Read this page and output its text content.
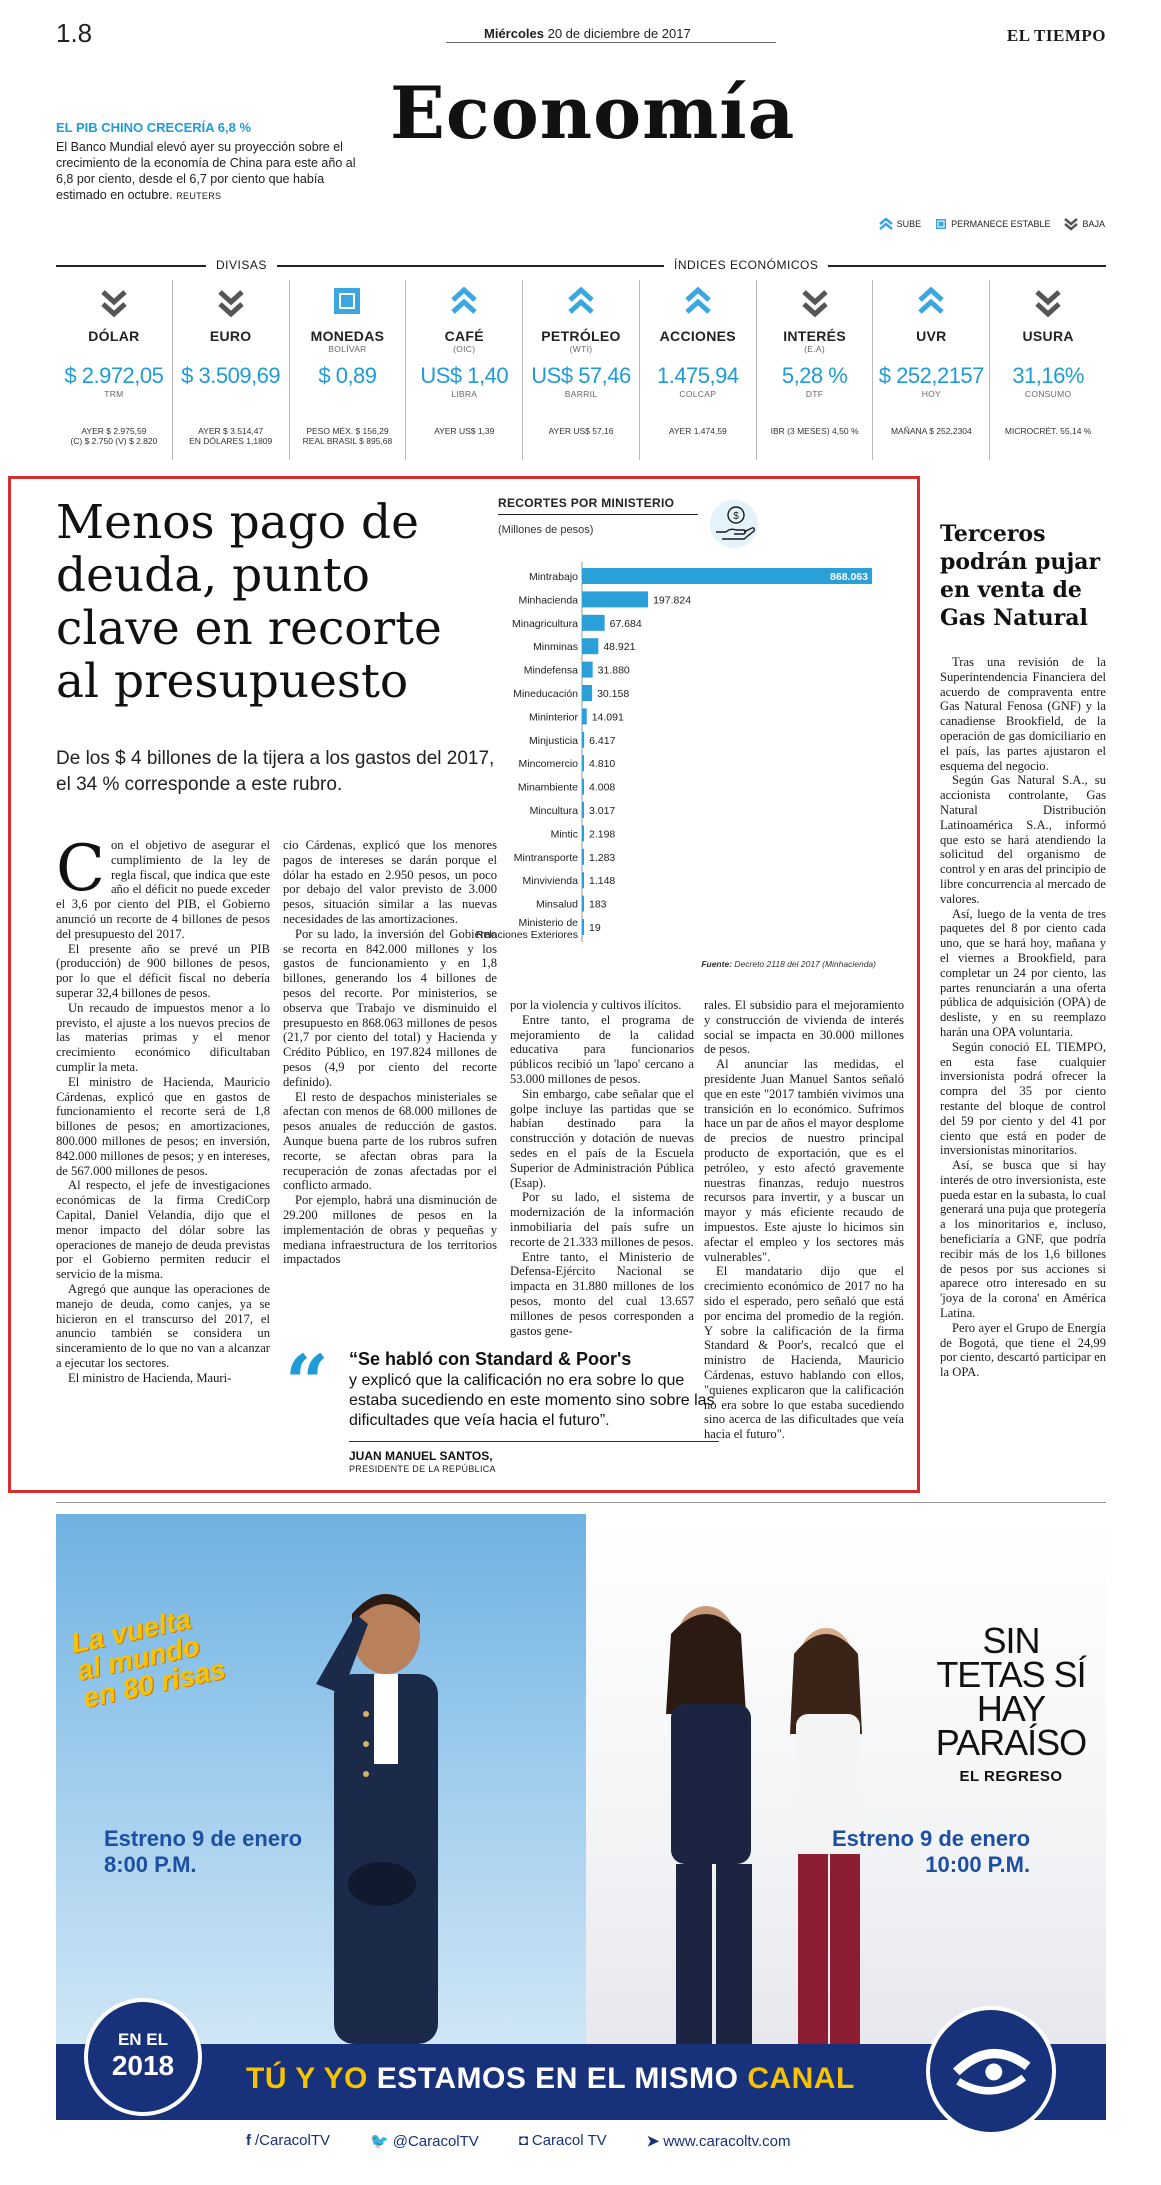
1.8	Miércoles 20 de diciembre de 2017	EL TIEMPO
Economía
EL PIB CHINO CRECERÍA 6,8 %
El Banco Mundial elevó ayer su proyección sobre el crecimiento de la economía de China para este año al 6,8 por ciento, desde el 6,7 por ciento que había estimado en octubre. REUTERS
SUBE	PERMANECE ESTABLE	BAJA
DIVISAS	ÍNDICES ECONÓMICOS
DÓLAR
$ 2.972,05
TRM
AYER $ 2.975,59
(C) $ 2.750 (V) $ 2.820
EURO
$ 3.509,69
AYER $ 3.514,47
EN DÓLARES 1,1809
MONEDAS
BOLÍVAR
$ 0,89
PESO MÉX. $ 156,29
REAL BRASIL $ 895,68
CAFÉ
(OIC)
US$ 1,40
LIBRA
AYER US$ 1,39
PETRÓLEO
(WTI)
US$ 57,46
BARRIL
AYER US$ 57,16
ACCIONES
1.475,94
COLCAP
AYER 1.474,59
INTERÉS
(E.A)
5,28 %
DTF
IBR (3 MESES) 4,50 %
UVR
$ 252,2157
HOY
MAÑANA $ 252,2304
USURA
31,16%
CONSUMO
MICROCRÉT. 55,14 %
Menos pago de deuda, punto clave en recorte al presupuesto
De los $ 4 billones de la tijera a los gastos del 2017, el 34 % corresponde a este rubro.
RECORTES POR MINISTERIO
(Millones de pesos)
$
Mintrabajo	868.063
Minhacienda	197.824
Minagricultura	67.684
Minminas 48.921
Mindefensa 31.880
Mineducación 30.158
Mininterior 14.091
Minjusticia 6.417
Mincomercio 4.810
Minambiente 4.008
Mincultura 3.017
Mintic 2.198
Mintransporte 1.283
Minvivienda 1.148
Minsalud 183
Ministerio de Relaciones Exteriores
19
Fuente: Decreto 2118 del 2017 (Minhacienda)

Con el objetivo de asegurar el cumplimiento de la ley de regla fiscal, que indica que este año el déficit no puede exceder el 3,6 por ciento del PIB, el Gobierno anunció un recorte de 4 billones de pesos del presupuesto del 2017.

El presente año se prevé un PIB (producción) de 900 billones de pesos, por lo que el déficit fiscal no debería superar 32,4 billones de pesos.

Un recaudo de impuestos menor a lo previsto, el ajuste a los nuevos precios de las materias primas y el menor crecimiento económico dificultaban cumplir la meta.

El ministro de Hacienda, Mauricio Cárdenas, explicó que en gastos de funcionamiento el recorte será de 1,8 billones de pesos; en amortizaciones, 800.000 millones de pesos; en inversión, 842.000 millones de pesos; y en intereses, de 567.000 millones de pesos.

Al respecto, el jefe de investigaciones económicas de la firma CrediCorp Capital, Daniel Velandia, dijo que el menor impacto del dólar sobre las operaciones de manejo de deuda previstas por el Gobierno permiten reducir el servicio de la misma.

Agregó que aunque las operaciones de manejo de deuda, como canjes, ya se hicieron en el transcurso del 2017, el anuncio también se considera un sinceramiento de lo que no van a alcanzar a ejecutar los sectores.

El ministro de Hacienda, Mauri-

cio Cárdenas, explicó que los menores pagos de intereses se darán porque el dólar ha estado en 2.950 pesos, un poco por debajo del valor previsto de 3.000 pesos, situación similar a las nuevas necesidades de las amortizaciones.

Por su lado, la inversión del Gobierno se recorta en 842.000 millones y los gastos de funcionamiento y en 1,8 billones, generando los 4 billones de pesos del recorte. Por ministerios, se observa que Trabajo ve disminuido el presupuesto en 868.063 millones de pesos (21,7 por ciento del total) y Hacienda y Crédito Público, en 197.824 millones de pesos (4,9 por ciento del recorte definido).

El resto de despachos ministeriales se afectan con menos de 68.000 millones de pesos anuales de reducción de gastos. Aunque buena parte de los rubros sufren recorte, se afectan obras para la recuperación de zonas afectadas por el conflicto armado.

Por ejemplo, habrá una disminución de 29.200 millones de pesos en la implementación de obras y pequeñas y mediana infraestructura de los territorios impactados

por la violencia y cultivos ilícitos.

Entre tanto, el programa de mejoramiento de la calidad educativa para funcionarios públicos recibió un 'lapo' cercano a 53.000 millones de pesos.

Sin embargo, cabe señalar que el golpe incluye las partidas que se habían destinado para la construcción y dotación de nuevas sedes en el país de la Escuela Superior de Administración Pública (Esap).

Por su lado, el sistema de modernización de la información inmobiliaria del país sufre un recorte de 21.333 millones de pesos.

Entre tanto, el Ministerio de Defensa-Ejército Nacional se impacta en 31.880 millones de los pesos, monto del cual 13.657 millones de pesos corresponden a gastos gene-

rales. El subsidio para el mejoramiento y construcción de vivienda de interés social se impacta en 30.000 millones de pesos.

Al anunciar las medidas, el presidente Juan Manuel Santos señaló que en este "2017 también vivimos una transición en lo económico. Sufrimos hace un par de años el mayor desplome de precios de nuestro principal producto de exportación, que es el petróleo, y esto afectó gravemente nuestras finanzas, redujo nuestros recursos para invertir, y a buscar un mayor y más eficiente recaudo de impuestos. Este ajuste lo hicimos sin afectar el empleo y los sectores más vulnerables".

El mandatario dijo que el crecimiento económico de 2017 no ha sido el esperado, pero señaló que está por encima del promedio de la región. Y sobre la calificación de la firma Standard & Poor's, recalcó que el ministro de Hacienda, Mauricio Cárdenas, estuvo hablando con ellos, "quienes explicaron que la calificación no era sobre lo que estaba sucediendo sino acerca de las dificultades que veía hacia el futuro".

“ “Se habló con Standard & Poor's
y explicó que la calificación no era sobre lo que estaba sucediendo en este momento sino sobre las dificultades que veía hacia el futuro”.
JUAN MANUEL SANTOS,
PRESIDENTE DE LA REPÚBLICA
Terceros podrán pujar en venta de Gas Natural

Tras una revisión de la Superintendencia Financiera del acuerdo de compraventa entre Gas Natural Fenosa (GNF) y la canadiense Brookfield, de la operación de gas domiciliario en el país, las partes ajustaron el esquema del negocio.

Según Gas Natural S.A., su accionista controlante, Gas Natural Distribución Latinoamérica S.A., informó que esto se hará atendiendo la solicitud del organismo de control y en aras del principio de libre concurrencia al mercado de valores.

Así, luego de la venta de tres paquetes del 8 por ciento cada uno, que se hará hoy, mañana y el viernes a Brookfield, para completar un 24 por ciento, las partes renunciarán a una oferta pública de adquisición (OPA) de desliste, y en su reemplazo harán una OPA voluntaria.

Según conoció EL TIEMPO, en esta fase cualquier inversionista podrá ofrecer la compra del 35 por ciento restante del bloque de control del 59 por ciento y del 41 por ciento que está en poder de inversionistas minoritarios.

Así, se busca que si hay interés de otro inversionista, este pueda estar en la subasta, lo cual generará una puja que protegería a los minoritarios e, incluso, beneficiaría a GNF, que podría recibir más de los 1,6 billones de pesos por sus acciones si aparece otro interesado en su 'joya de la corona' en América Latina.

Pero ayer el Grupo de Energía de Bogotá, que tiene el 24,99 por ciento, descartó participar en la OPA.

La vuelta al mundo en 80 risas
Estreno 9 de enero
8:00 P.M.
Estreno 9 de enero
10:00 P.M.
SIN TETAS SÍ HAY PARAÍSO
EL REGRESO
TÚ Y YO ESTAMOS EN EL MISMO CANAL
EN EL
2018
f /CaracolTV	🐦 @CaracolTV	◘ Caracol TV	➤ www.caracoltv.com
